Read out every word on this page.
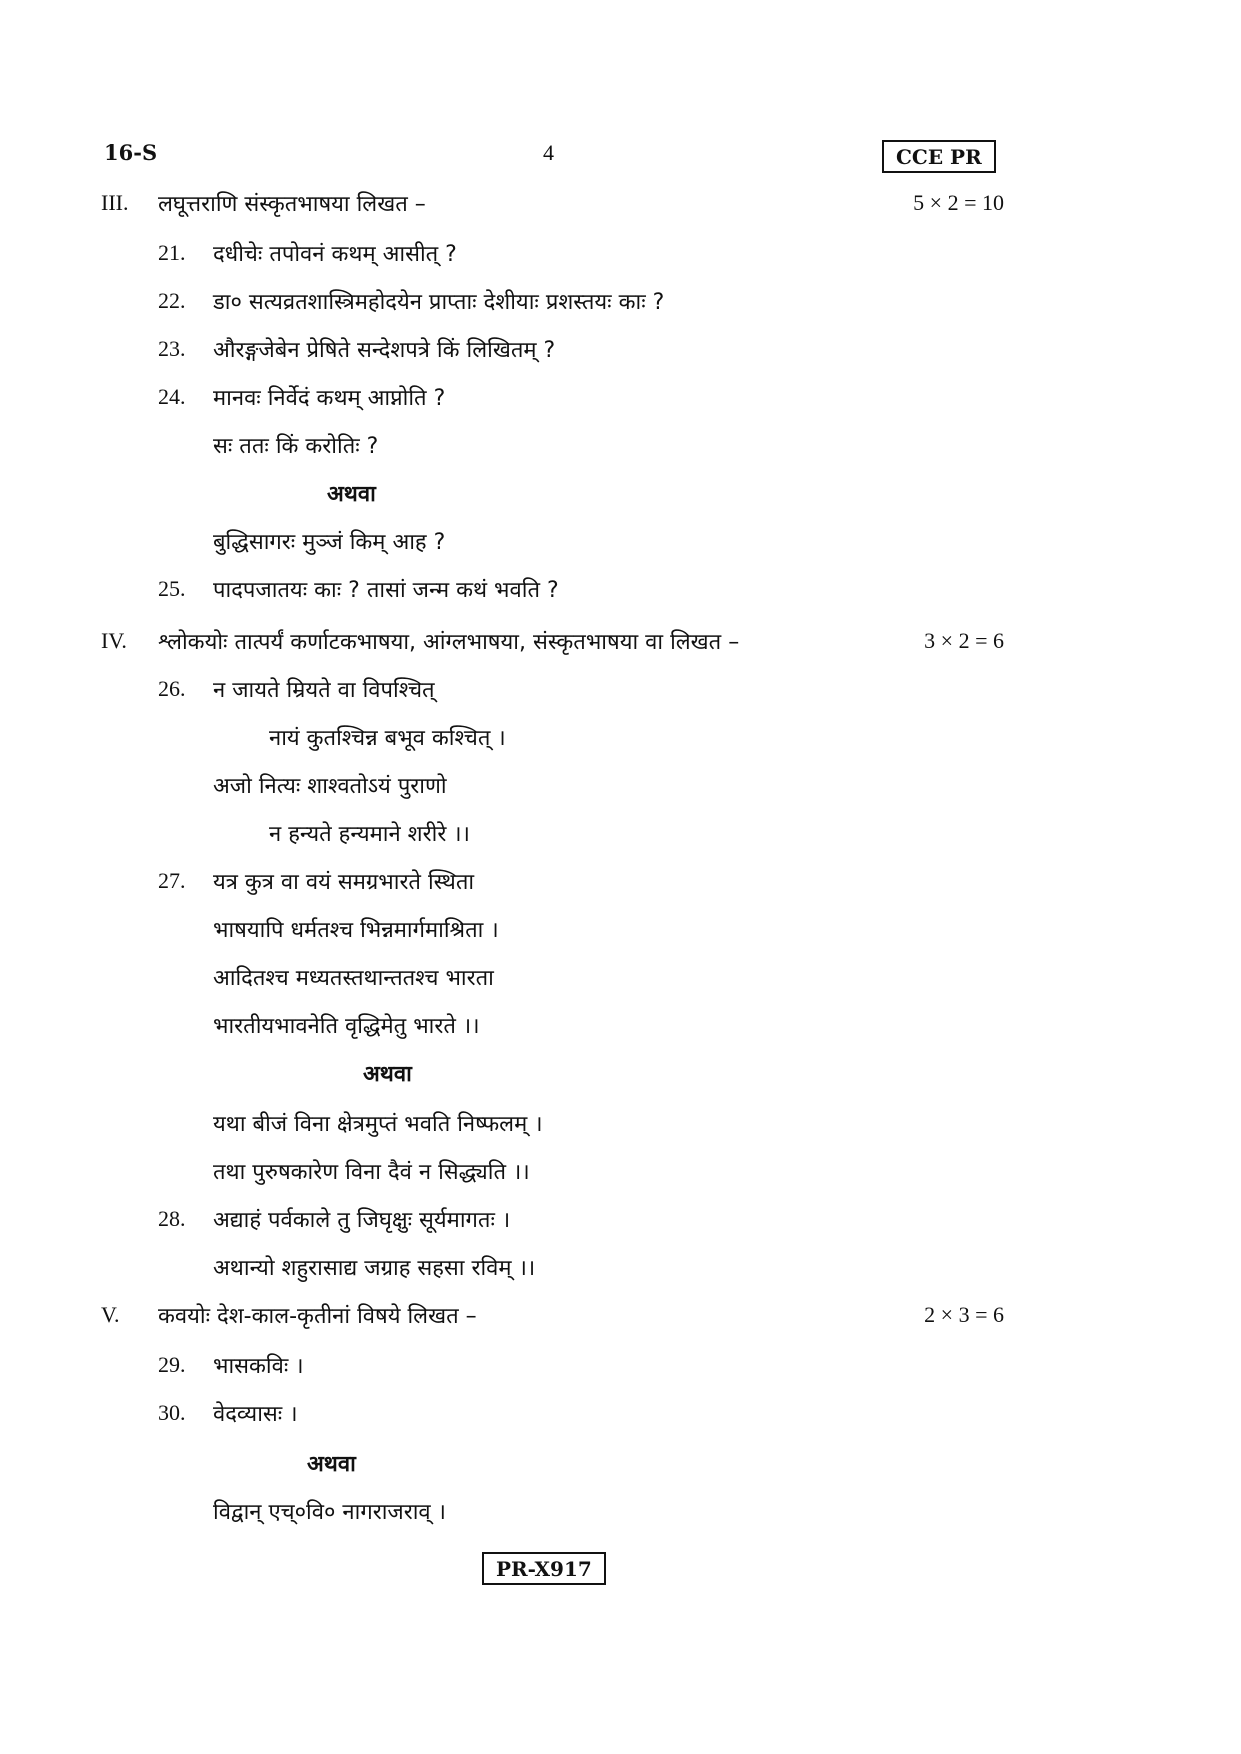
16-S	4	CCE PR
III. लघूत्तराणि संस्कृतभाषया लिखत –	5 × 2 = 10
21. दधीचेः तपोवनं कथम् आसीत् ?
22. डा० सत्यव्रतशास्त्रिमहोदयेन प्राप्ताः देशीयाः प्रशस्तयः काः ?
23. औरङ्गजेबेन प्रेषिते सन्देशपत्रे किं लिखितम् ?
24. मानवः निर्वेदं कथम् आप्नोति ?
सः ततः किं करोतिः ?
अथवा
बुद्धिसागरः मुञ्जं किम् आह ?
25. पादपजातयः काः ? तासां जन्म कथं भवति ?
IV. श्लोकयोः तात्पर्यं कर्णाटकभाषया, आंग्लभाषया, संस्कृतभाषया वा लिखत –	3 × 2 = 6
26. न जायते म्रियते वा विपश्चित्
नायं कुतश्चिन्न बभूव कश्चित् ।
अजो नित्यः शाश्वतोऽयं पुराणो
न हन्यते हन्यमाने शरीरे ।।
27. यत्र कुत्र वा वयं समग्रभारते स्थिता
भाषयापि धर्मतश्च भिन्नमार्गमाश्रिता ।
आदितश्च मध्यतस्तथान्ततश्च भारता
भारतीयभावनेति वृद्धिमेतु भारते ।।
अथवा
यथा बीजं विना क्षेत्रमुप्तं भवति निष्फलम् ।
तथा पुरुषकारेण विना दैवं न सिद्ध्यति ।।
28. अद्याहं पर्वकाले तु जिघृक्षुः सूर्यमागतः ।
अथान्यो शहुरासाद्य जग्राह सहसा रविम् ।।
V. कवयोः देश-काल-कृतीनां विषये लिखत –	2 × 3 = 6
29. भासकविः ।
30. वेदव्यासः ।
अथवा
विद्वान् एच्०वि० नागराजराव् ।
PR-X917
